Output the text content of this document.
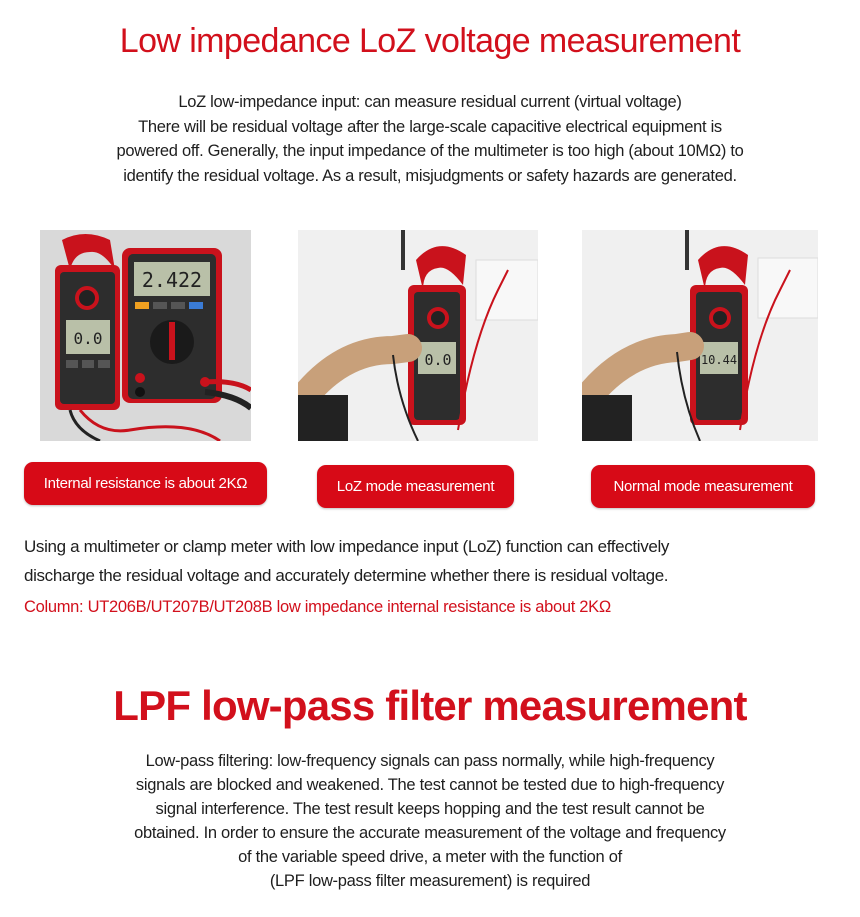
Low impedance LoZ voltage measurement

LoZ low-impedance input: can measure residual current (virtual voltage)
There will be residual voltage after the large-scale capacitive electrical equipment is
powered off. Generally, the input impedance of the multimeter is too high (about 10MΩ) to
identify the residual voltage. As a result, misjudgments or safety hazards are generated.

0.0
2.422
0.0	10.44
Internal resistance is about 2KΩ	LoZ mode measurement	Normal mode measurement

Using a multimeter or clamp meter with low impedance input (LoZ) function can effectively
discharge the residual voltage and accurately determine whether there is residual voltage.

Column: UT206B/UT207B/UT208B low impedance internal resistance is about 2KΩ

LPF low-pass filter measurement

Low-pass filtering: low-frequency signals can pass normally, while high-frequency
signals are blocked and weakened. The test cannot be tested due to high-frequency
signal interference. The test result keeps hopping and the test result cannot be
obtained. In order to ensure the accurate measurement of the voltage and frequency
of the variable speed drive, a meter with the function of
(LPF low-pass filter measurement) is required
